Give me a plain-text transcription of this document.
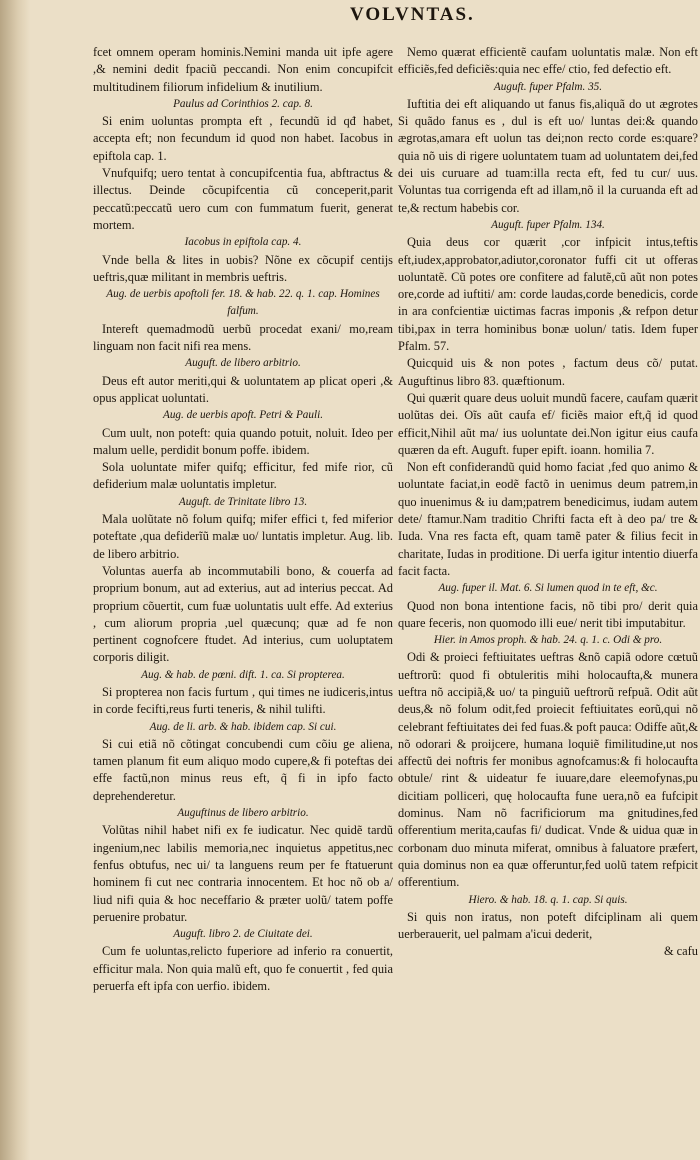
VOLVNTAS.

fcet omnem operam hominis.Nemini manda uit ipfe agere ,& nemini dedit fpaciũ peccandi. Non enim concupifcit multitudinem filiorum infidelium & inutilium.

Paulus ad Corinthios 2. cap. 8.

Si enim uoluntas prompta eft , fecundũ id qđ habet, accepta eft; non fecundum id quod non habet. Iacobus in epiftola cap. 1.

Vnufquifq; uero tentat à concupifcentia fua, abftractus & illectus. Deinde cõcupifcentia cũ conceperit,parit peccatũ:peccatũ uero cum con fummatum fuerit, generat mortem.

Iacobus in epiftola cap. 4.

Vnde bella & lites in uobis? Nõne ex cõcupif centijs ueftris,quæ militant in membris ueftris.

Aug. de uerbis apoftoli fer. 18. & hab. 22. q. 1. cap. Homines falfum.

Intereft quemadmodũ uerbũ procedat exani/ mo,ream linguam non facit nifi rea mens.

Auguft. de libero arbitrio.

Deus eft autor meriti,qui & uoluntatem ap plicat operi ,& opus applicat uoluntati.

Aug. de uerbis apoft. Petri & Pauli.

Cum uult, non poteft: quia quando potuit, noluit. Ideo per malum uelle, perdidit bonum poffe. ibidem.

Sola uoluntate mifer quifq; efficitur, fed mife rior, cũ defiderium malæ uoluntatis impletur.

Auguft. de Trinitate libro 13.

Mala uolũtate nõ folum quifq; mifer effici t, fed miferior poteftate ,qua defiderĩũ malæ uo/ luntatis impletur. Aug. lib. de libero arbitrio.

Voluntas auerfa ab incommutabili bono, & couerfa ad proprium bonum, aut ad exterius, aut ad interius peccat. Ad proprium cõuertit, cum fuæ uoluntatis uult effe. Ad exterius , cum aliorum propria ,uel quæcunq; quæ ad fe non pertinent cognofcere ftudet. Ad interius, cum uoluptatem corporis diligit.

Aug. & hab. de pœni. dift. 1. ca. Si propterea.

Si propterea non facis furtum , qui times ne iudiceris,intus in corde fecifti,reus furti teneris, & nihil tulifti.

Aug. de li. arb. & hab. ibidem cap. Si cui.

Si cui etiã nõ cõtingat concubendi cum cõiu ge aliena, tamen planum fit eum aliquo modo cupere,& fi poteftas dei effe factũ,non minus reus eft, q̃ fi in ipfo facto deprehenderetur.

Auguftinus de libero arbitrio.

Volũtas nihil habet nifi ex fe iudicatur. Nec quidẽ tardũ ingenium,nec labilis memoria,nec inquietus appetitus,nec fenfus obtufus, nec ui/ ta languens reum per fe ftatuerunt hominem fi cut nec contraria innocentem. Et hoc nõ ob a/ liud nifi quia & hoc neceffario & præter uolũ/ tatem poffe peruenire probatur.

Auguft. libro 2. de Ciuitate dei.

Cum fe uoluntas,relicto fuperiore ad inferio ra conuertit, efficitur mala. Non quia malũ eft, quo fe conuertit , fed quia peruerfa eft ipfa con uerfio. ibidem.

Nemo quærat efficientẽ caufam uoluntatis malæ. Non eft efficiẽs,fed deficiẽs:quia nec effe/ ctio, fed defectio eft.

Auguft. fuper Pfalm. 35.

Iuftitia dei eft aliquando ut fanus fis,aliquã do ut ægrotes Si quãdo fanus es , dul is eft uo/ luntas dei:& quando ægrotas,amara eft uolun tas dei;non recto corde es:quare? quia nõ uis di rigere uoluntatem tuam ad uoluntatem dei,fed dei uis curuare ad tuam:illa recta eft, fed tu cur/ uus. Voluntas tua corrigenda eft ad illam,nõ il la curuanda eft ad te,& rectum habebis cor.

Auguft. fuper Pfalm. 134.

Quia deus cor quærit ,cor infpicit intus,teftis eft,iudex,approbator,adiutor,coronator fuffi cit ut offeras uoluntatẽ. Cũ potes ore confitere ad falutẽ,cũ aũt non potes ore,corde ad iuftiti/ am: corde laudas,corde benedicis, corde in ara confcientiæ uictimas facras imponis ,& refpon detur tibi,pax in terra hominibus bonæ uolun/ tatis. Idem fuper Pfalm. 57.

Quicquid uis & non potes , factum deus cõ/ putat. Auguftinus libro 83. quæftionum.

Qui quærit quare deus uoluit mundũ facere, caufam quærit uolũtas dei. Oĩs aũt caufa ef/ ficiẽs maior eft,q̃ id quod efficit,Nihil aũt ma/ ius uoluntate dei.Non igitur eius caufa quæren da eft. Auguft. fuper epift. ioann. homilia 7.

Non eft confiderandũ quid homo faciat ,fed quo animo & uoluntate faciat,in eodẽ factõ in uenimus deum patrem,in quo inuenimus & iu dam;patrem benedicimus, iudam autem dete/ ftamur.Nam traditio Chrifti facta eft à deo pa/ tre & Iuda. Vna res facta eft, quam tamẽ pater & filius fecit in charitate, Iudas in proditione. Di uerfa igitur intentio diuerfa facit facta.

Aug. fuper il. Mat. 6. Si lumen quod in te eft, &c.

Quod non bona intentione facis, nõ tibi pro/ derit quia quare feceris, non quomodo illi eue/ nerit tibi imputabitur.

Hier. in Amos proph. & hab. 24. q. 1. c. Odi & pro.

Odi & proieci feftiuitates ueftras &nõ capiã odore cœtuũ ueftrorũ: quod fi obtuleritis mihi holocaufta,& munera ueftra nõ accipiã,& uo/ ta pinguiũ ueftrorũ refpuã. Odit aũt deus,& nõ folum odit,fed proiecit feftiuitates eorũ,qui nõ celebrant feftiuitates dei fed fuas.& poft pauca: Odiffe aũt,& nõ odorari & proijcere, humana loquiẽ fimilitudine,ut nos affectũ dei noftris fer monibus agnofcamus:& fi holocaufta obtule/ rint & uideatur fe iuuare,dare eleemofynas,pu dicitiam polliceri, quę holocaufta fune uera,nõ ea fufcipit dominus. Nam nõ facrificiorum ma gnitudines,fed offerentium merita,caufas fi/ dudicat. Vnde & uidua quæ in corbonam duo minuta miferat, omnibus à faluatore præfert, quia dominus non ea quæ offeruntur,fed uolũ tatem refpicit offerentium.

Hiero. & hab. 18. q. 1. cap. Si quis.

Si quis non iratus, non poteft difciplinam ali quem uerberauerit, uel palmam a'icui dederit,

& cafu
